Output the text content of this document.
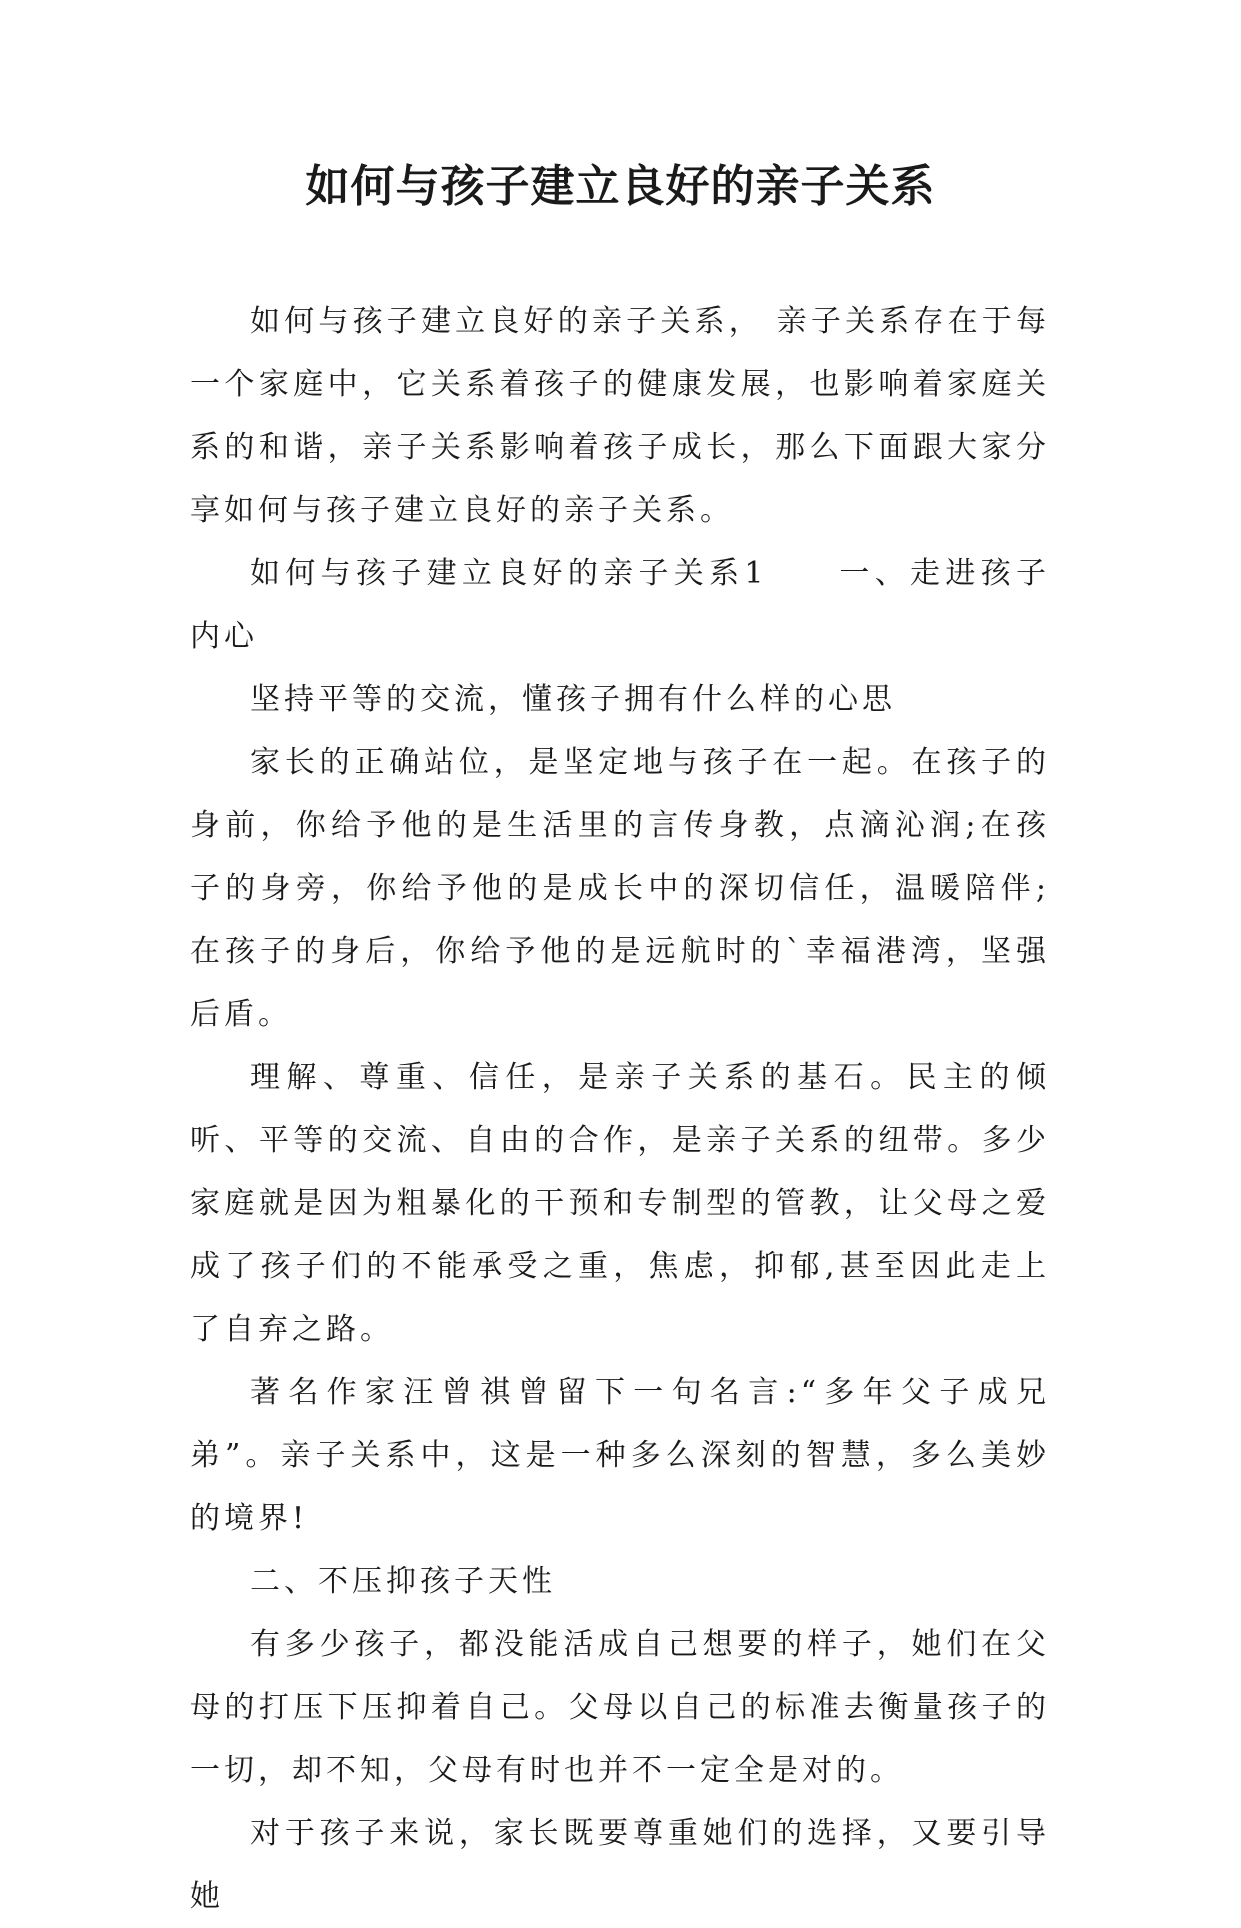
如何与孩子建立良好的亲子关系

如何与孩子建立良好的亲子关系， 亲子关系存在于每一个家庭中，它关系着孩子的健康发展，也影响着家庭关系的和谐，亲子关系影响着孩子成长，那么下面跟大家分享如何与孩子建立良好的亲子关系。

如何与孩子建立良好的亲子关系1　　一、走进孩子内心

坚持平等的交流，懂孩子拥有什么样的心思

家长的正确站位，是坚定地与孩子在一起。在孩子的身前，你给予他的是生活里的言传身教，点滴沁润;在孩子的身旁，你给予他的是成长中的深切信任，温暖陪伴;在孩子的身后，你给予他的是远航时的`幸福港湾，坚强后盾。

理解、尊重、信任，是亲子关系的基石。民主的倾听、平等的交流、自由的合作，是亲子关系的纽带。多少家庭就是因为粗暴化的干预和专制型的管教，让父母之爱成了孩子们的不能承受之重，焦虑，抑郁,甚至因此走上了自弃之路。

著名作家汪曾祺曾留下一句名言:“多年父子成兄弟”。亲子关系中，这是一种多么深刻的智慧，多么美妙的境界!

二、不压抑孩子天性

有多少孩子，都没能活成自己想要的样子，她们在父母的打压下压抑着自己。父母以自己的标准去衡量孩子的一切，却不知，父母有时也并不一定全是对的。

对于孩子来说，家长既要尊重她们的选择，又要引导她
